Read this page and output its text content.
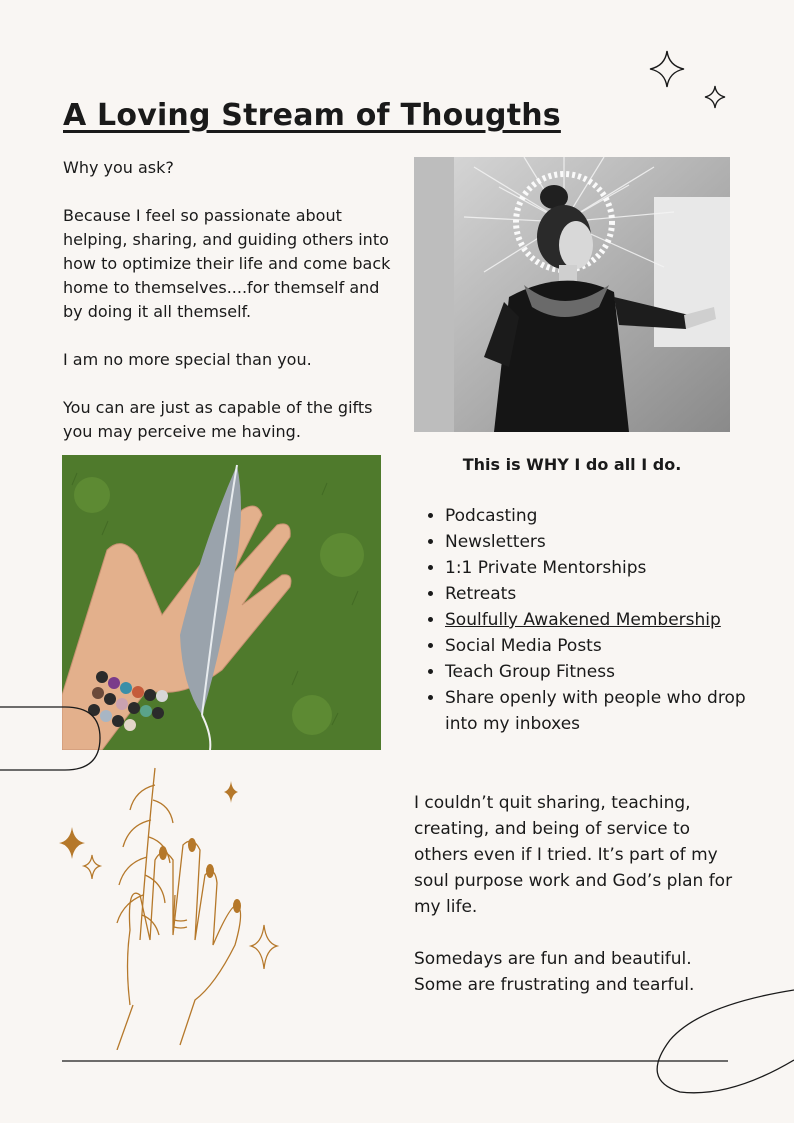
A Loving Stream of Thougths

Why you ask?

Because I feel so passionate about helping, sharing, and guiding others into how to optimize their life and come back home to themselves....for themself and by doing it all themself.

I am no more special than you.

You can are just as capable of the gifts you may perceive me having.

This is WHY I do all I do.
• Podcasting
• Newsletters
• 1:1 Private Mentorships
• Retreats
• Soulfully Awakened Membership
• Social Media Posts
• Teach Group Fitness
• Share openly with people who drop into my inboxes

I couldn’t quit sharing, teaching, creating, and being of service to others even if I tried. It’s part of my soul purpose work and God’s plan for my life.

Somedays are fun and beautiful. Some are frustrating and tearful.
